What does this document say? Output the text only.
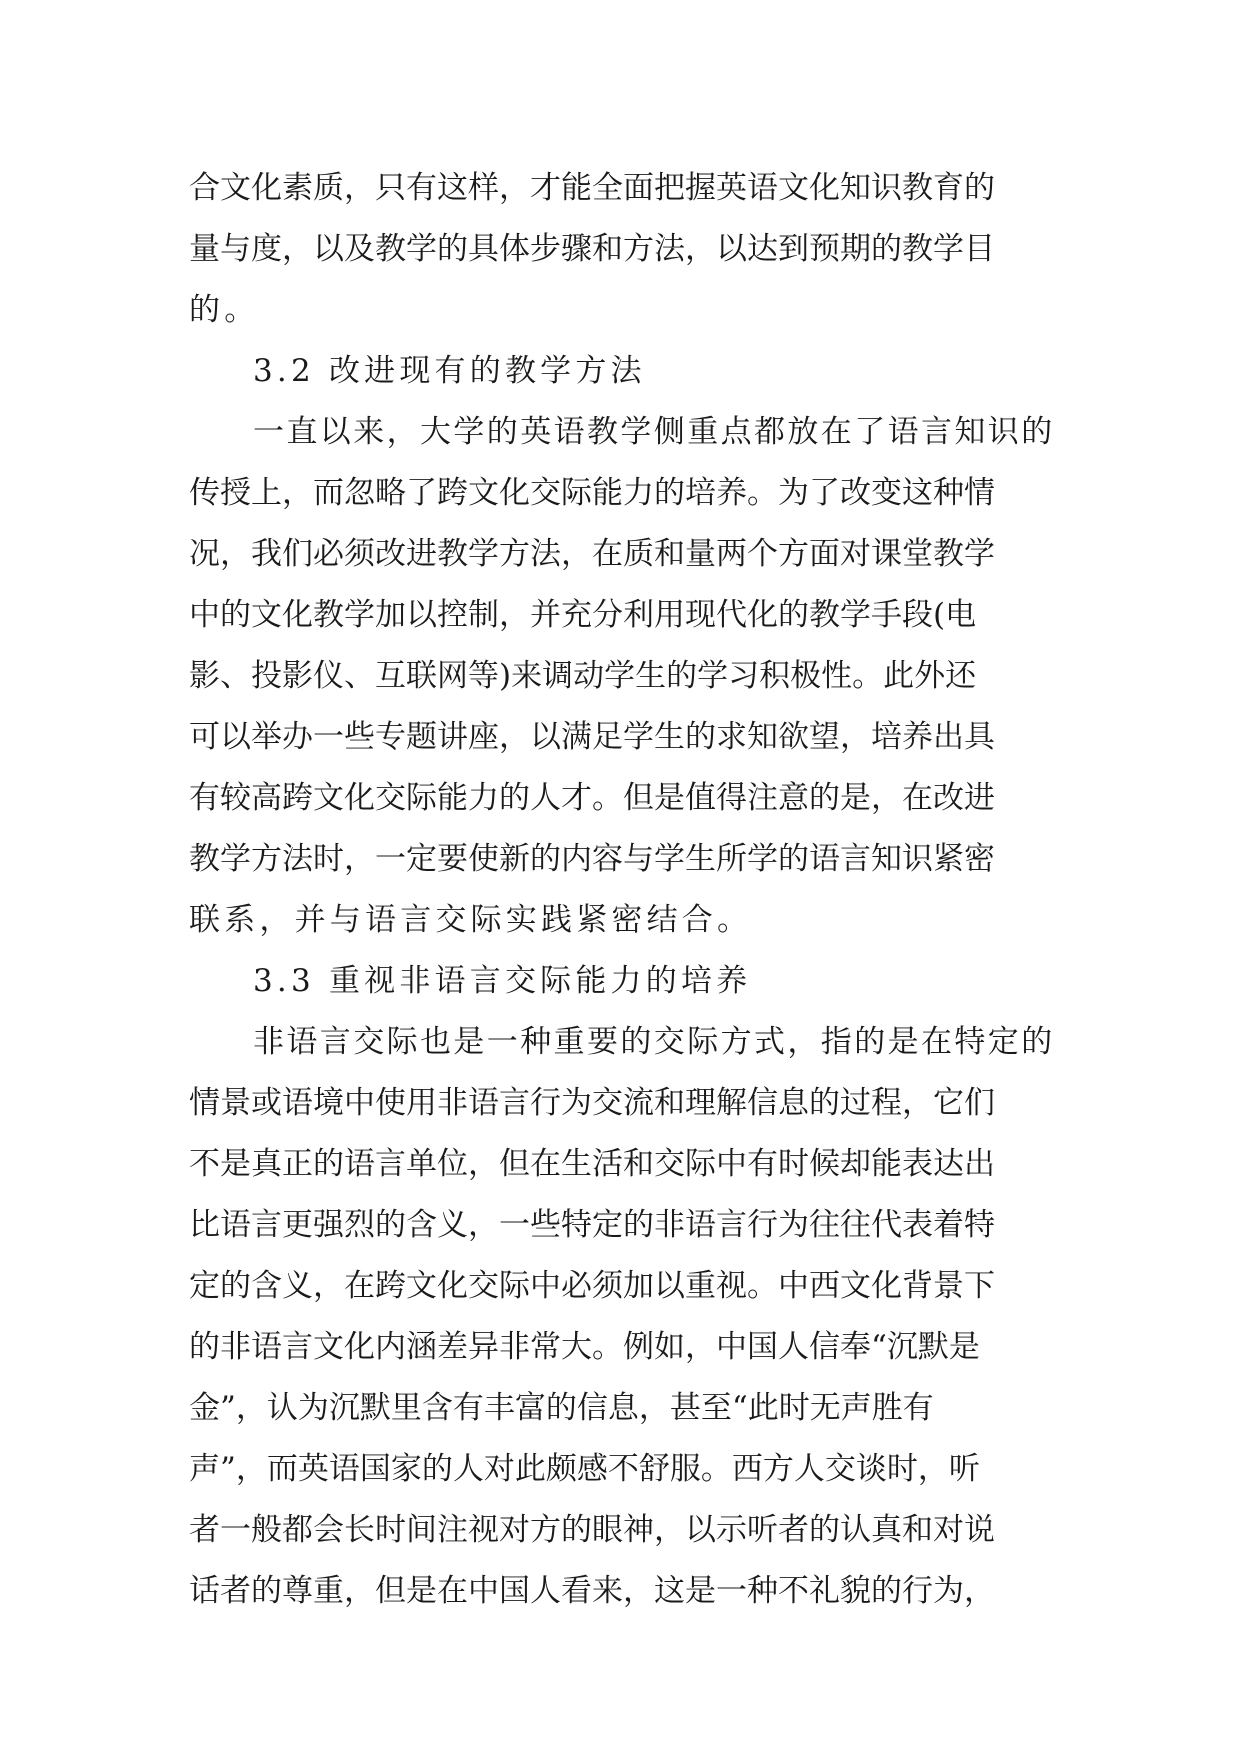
合文化素质，只有这样，才能全面把握英语文化知识教育的
量与度，以及教学的具体步骤和方法，以达到预期的教学目
的。
3.2 改进现有的教学方法
一直以来，大学的英语教学侧重点都放在了语言知识的
传授上，而忽略了跨文化交际能力的培养。为了改变这种情
况，我们必须改进教学方法，在质和量两个方面对课堂教学
中的文化教学加以控制，并充分利用现代化的教学手段(电
影、投影仪、互联网等)来调动学生的学习积极性。此外还
可以举办一些专题讲座，以满足学生的求知欲望，培养出具
有较高跨文化交际能力的人才。但是值得注意的是，在改进
教学方法时，一定要使新的内容与学生所学的语言知识紧密
联系，并与语言交际实践紧密结合。
3.3 重视非语言交际能力的培养
非语言交际也是一种重要的交际方式，指的是在特定的
情景或语境中使用非语言行为交流和理解信息的过程，它们
不是真正的语言单位，但在生活和交际中有时候却能表达出
比语言更强烈的含义，一些特定的非语言行为往往代表着特
定的含义，在跨文化交际中必须加以重视。中西文化背景下
的非语言文化内涵差异非常大。例如，中国人信奉“沉默是
金”，认为沉默里含有丰富的信息，甚至“此时无声胜有
声”，而英语国家的人对此颇感不舒服。西方人交谈时，听
者一般都会长时间注视对方的眼神，以示听者的认真和对说
话者的尊重，但是在中国人看来，这是一种不礼貌的行为，
